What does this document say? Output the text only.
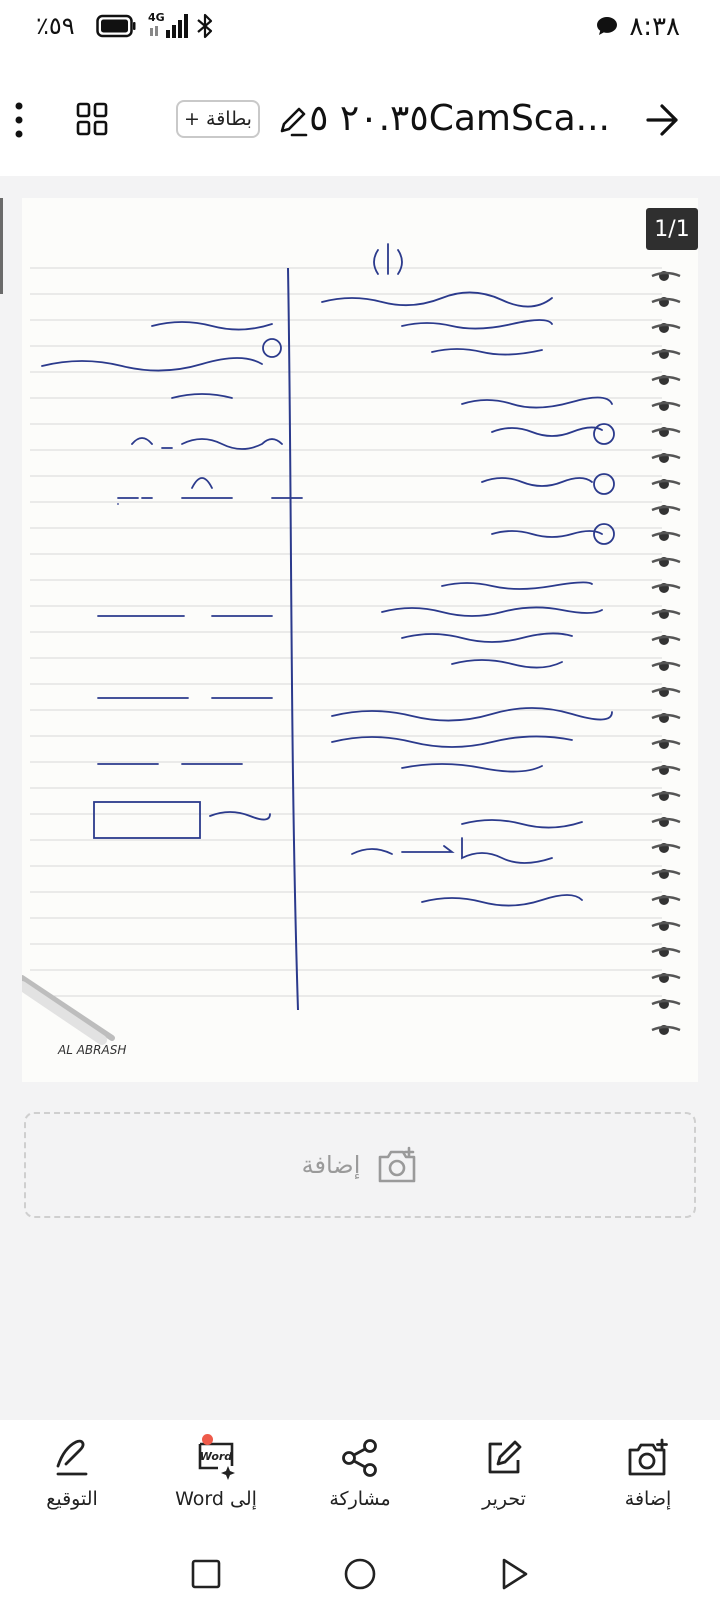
٨:٣٨
٪٥٩	4G
٢٠.٣٥ ٥CamSca...
بطاقة +
AL ABRASH
1/1
إضافة
إضافة
تحرير
مشاركة
Word
إلى Word
التوقيع
